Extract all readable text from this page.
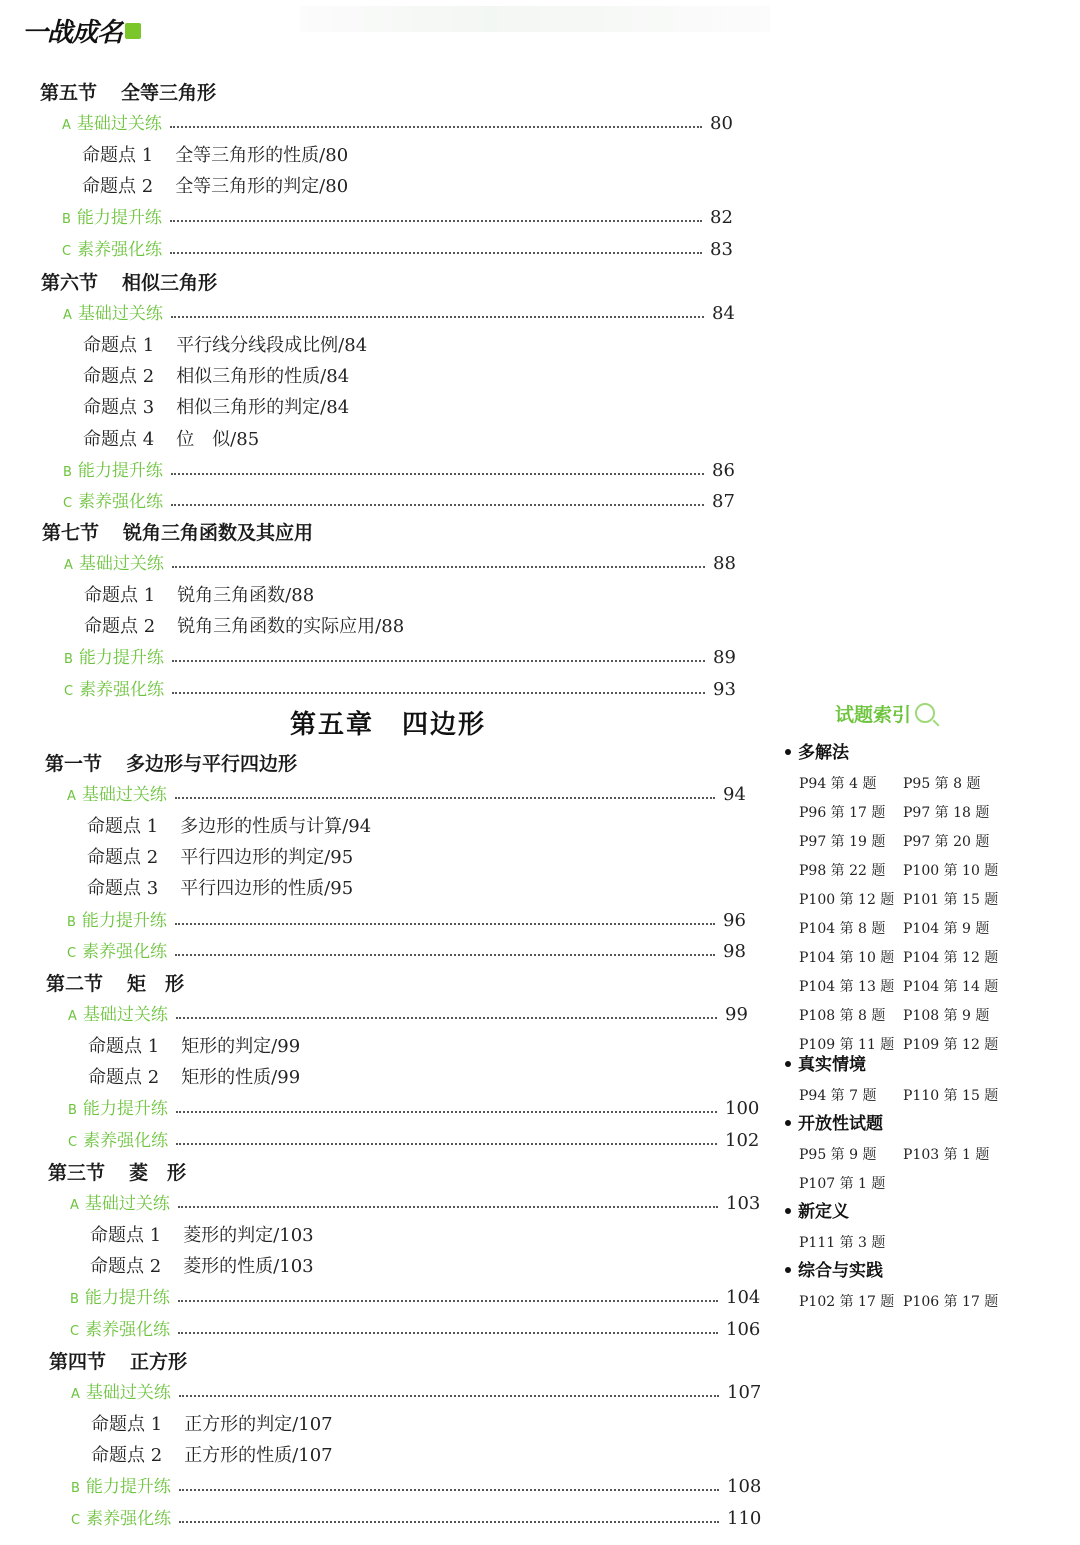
一战成名
第五节 全等三角形
A 基础过关练	80
命题点 1 全等三角形的性质/80
命题点 2 全等三角形的判定/80
B 能力提升练	82
C 素养强化练	83
第六节 相似三角形
A 基础过关练	84
命题点 1 平行线分线段成比例/84
命题点 2 相似三角形的性质/84
命题点 3 相似三角形的判定/84
命题点 4 位　似/85
B 能力提升练	86
C 素养强化练	87
第七节 锐角三角函数及其应用
A 基础过关练	88
命题点 1 锐角三角函数/88
命题点 2 锐角三角函数的实际应用/88
B 能力提升练	89
C 素养强化练	93
第一节 多边形与平行四边形
A 基础过关练	94
命题点 1 多边形的性质与计算/94
命题点 2 平行四边形的判定/95
命题点 3 平行四边形的性质/95
B 能力提升练	96
C 素养强化练	98
第二节 矩　形
A 基础过关练	99
命题点 1 矩形的判定/99
命题点 2 矩形的性质/99
B 能力提升练	100
C 素养强化练	102
第三节 菱　形
A 基础过关练	103
命题点 1 菱形的判定/103
命题点 2 菱形的性质/103
B 能力提升练	104
C 素养强化练	106
第四节 正方形
A 基础过关练	107
命题点 1 正方形的判定/107
命题点 2 正方形的性质/107
B 能力提升练	108
C 素养强化练	110
第五章　四边形	试题索引
多解法
P94 第 4 题 P95 第 8 题
P96 第 17 题 P97 第 18 题
P97 第 19 题 P97 第 20 题
P98 第 22 题 P100 第 10 题
P100 第 12 题 P101 第 15 题
P104 第 8 题 P104 第 9 题
P104 第 10 题 P104 第 12 题
P104 第 13 题 P104 第 14 题
P108 第 8 题 P108 第 9 题
P109 第 11 题 P109 第 12 题
真实情境
P94 第 7 题 P110 第 15 题
开放性试题
P95 第 9 题 P103 第 1 题
P107 第 1 题
新定义
P111 第 3 题
综合与实践
P102 第 17 题 P106 第 17 题
